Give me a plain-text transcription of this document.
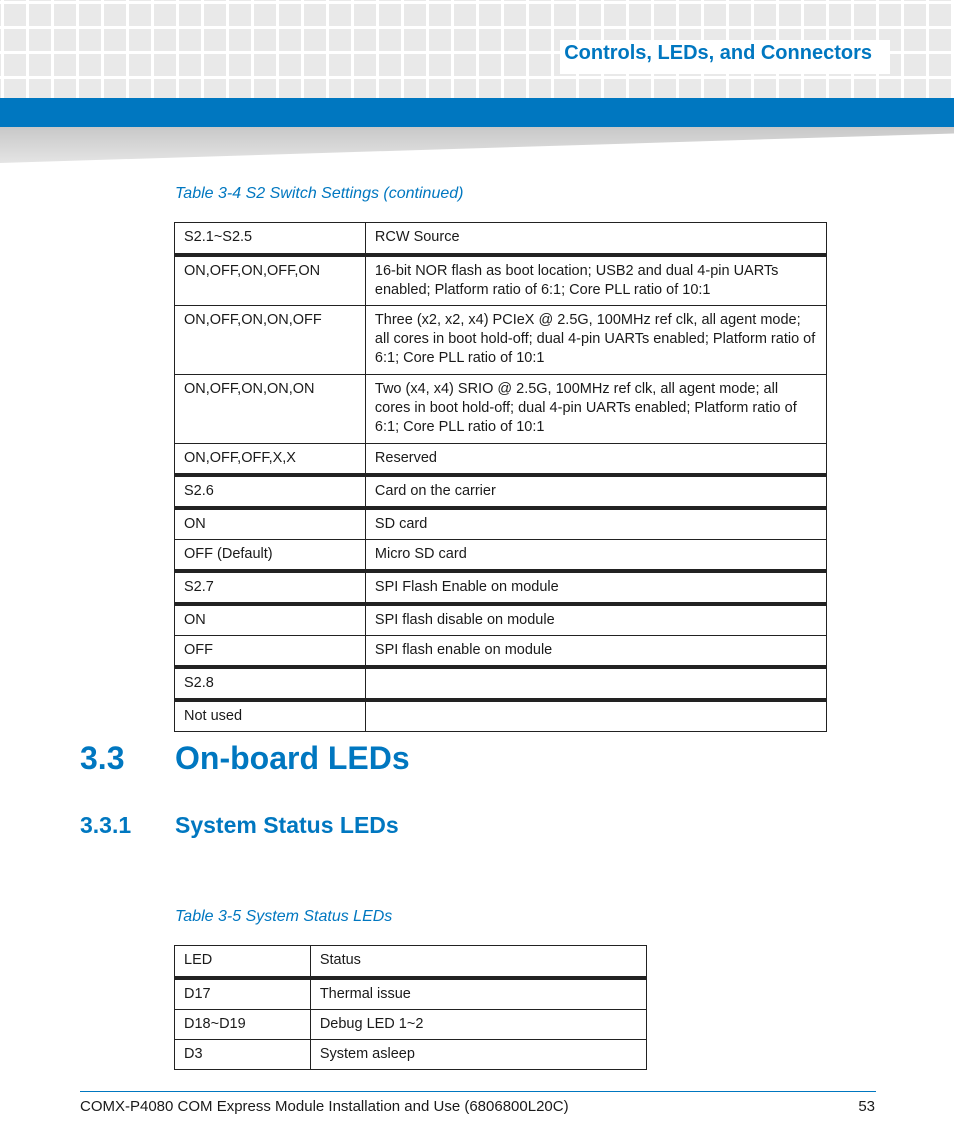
Controls, LEDs, and Connectors
Table 3-4 S2 Switch Settings (continued)
S2.1~S2.5	RCW Source
ON,OFF,ON,OFF,ON	16-bit NOR flash as boot location; USB2 and dual 4-pin UARTs enabled; Platform ratio of 6:1; Core PLL ratio of 10:1
ON,OFF,ON,ON,OFF	Three (x2, x2, x4) PCIeX @ 2.5G, 100MHz ref clk, all agent mode; all cores in boot hold-off; dual 4-pin UARTs enabled; Platform ratio of 6:1; Core PLL ratio of 10:1
ON,OFF,ON,ON,ON	Two (x4, x4) SRIO @ 2.5G, 100MHz ref clk, all agent mode; all cores in boot hold-off; dual 4-pin UARTs enabled; Platform ratio of 6:1; Core PLL ratio of 10:1
ON,OFF,OFF,X,X	Reserved
S2.6	Card on the carrier
ON	SD card
OFF (Default)	Micro SD card
S2.7	SPI Flash Enable on module
ON	SPI flash disable on module
OFF	SPI flash enable on module
S2.8	
Not used	
3.3 On-board LEDs
3.3.1 System Status LEDs
Table 3-5 System Status LEDs
LED	Status
D17	Thermal issue
D18~D19	Debug LED 1~2
D3	System asleep
COMX-P4080 COM Express Module Installation and Use (6806800L20C)	53
